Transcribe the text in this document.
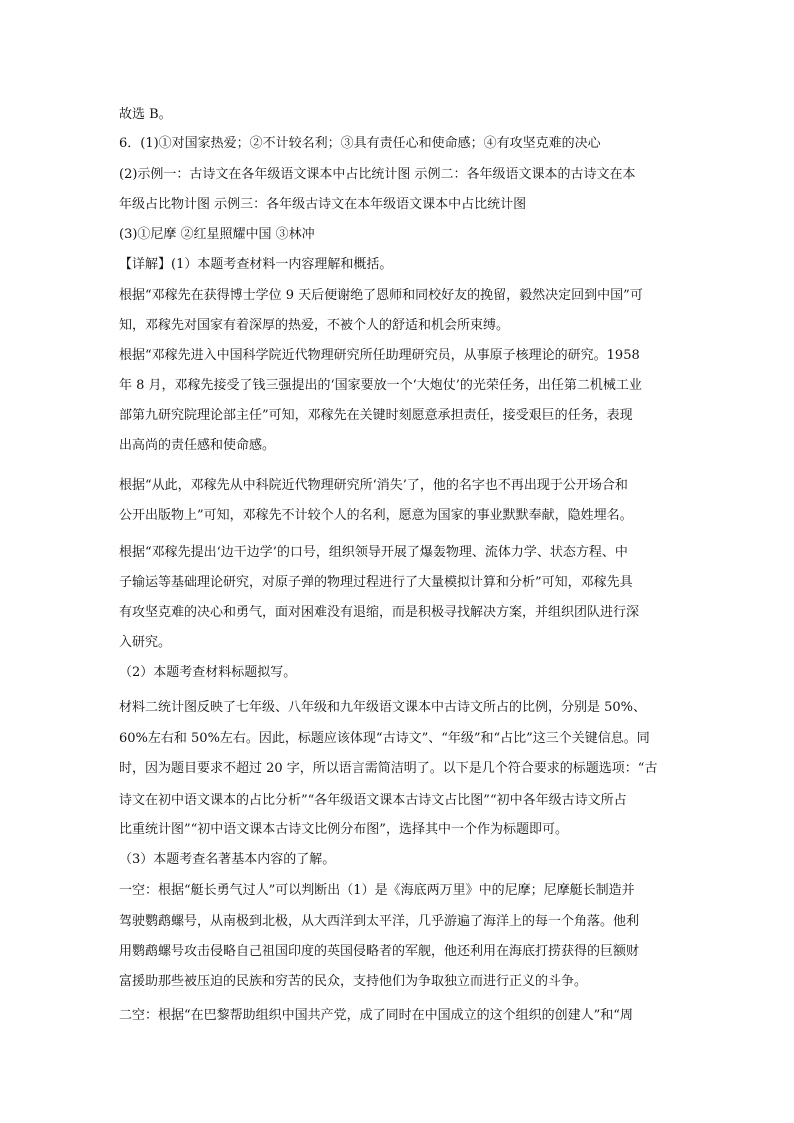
故选 B。
6．(1)①对国家热爱；②不计较名利；③具有责任心和使命感；④有攻坚克难的决心
(2)示例一：古诗文在各年级语文课本中占比统计图 示例二：各年级语文课本的古诗文在本
年级占比物计图 示例三：各年级古诗文在本年级语文课本中占比统计图
(3)①尼摩 ②红星照耀中国 ③林冲
【详解】(1）本题考查材料一内容理解和概括。
根据“邓稼先在获得博士学位 9 天后便谢绝了恩师和同校好友的挽留，毅然决定回到中国”可
知，邓稼先对国家有着深厚的热爱，不被个人的舒适和机会所束缚。
根据“邓稼先进入中国科学院近代物理研究所任助理研究员，从事原子核理论的研究。1958
年 8 月，邓稼先接受了钱三强提出的‘国家要放一个‘大炮仗’的光荣任务，出任第二机械工业
部第九研究院理论部主任”可知，邓稼先在关键时刻愿意承担责任，接受艰巨的任务，表现
出高尚的责任感和使命感。
根据“从此，邓稼先从中科院近代物理研究所‘消失’了，他的名字也不再出现于公开场合和
公开出版物上”可知，邓稼先不计较个人的名利，愿意为国家的事业默默奉献，隐姓埋名。
根据“邓稼先提出‘边干边学’的口号，组织领导开展了爆轰物理、流体力学、状态方程、中
子输运等基础理论研究，对原子弹的物理过程进行了大量模拟计算和分析”可知，邓稼先具
有攻坚克难的决心和勇气，面对困难没有退缩，而是积极寻找解决方案，并组织团队进行深
入研究。
（2）本题考查材料标题拟写。
材料二统计图反映了七年级、八年级和九年级语文课本中古诗文所占的比例，分别是 50%、
60%左右和 50%左右。因此，标题应该体现“古诗文”、“年级”和“占比”这三个关键信息。同
时，因为题目要求不超过 20 字，所以语言需简洁明了。以下是几个符合要求的标题选项：“古
诗文在初中语文课本的占比分析”“各年级语文课本古诗文占比图”“初中各年级古诗文所占
比重统计图”“初中语文课本古诗文比例分布图”，选择其中一个作为标题即可。
（3）本题考查名著基本内容的了解。
一空：根据“艇长勇气过人”可以判断出（1）是《海底两万里》中的尼摩；尼摩艇长制造并
驾驶鹦鹉螺号，从南极到北极，从大西洋到太平洋，几乎游遍了海洋上的每一个角落。他利
用鹦鹉螺号攻击侵略自己祖国印度的英国侵略者的军舰，他还利用在海底打捞获得的巨额财
富援助那些被压迫的民族和穷苦的民众，支持他们为争取独立而进行正义的斗争。
二空：根据“在巴黎帮助组织中国共产党，成了同时在中国成立的这个组织的创建人”和“周
